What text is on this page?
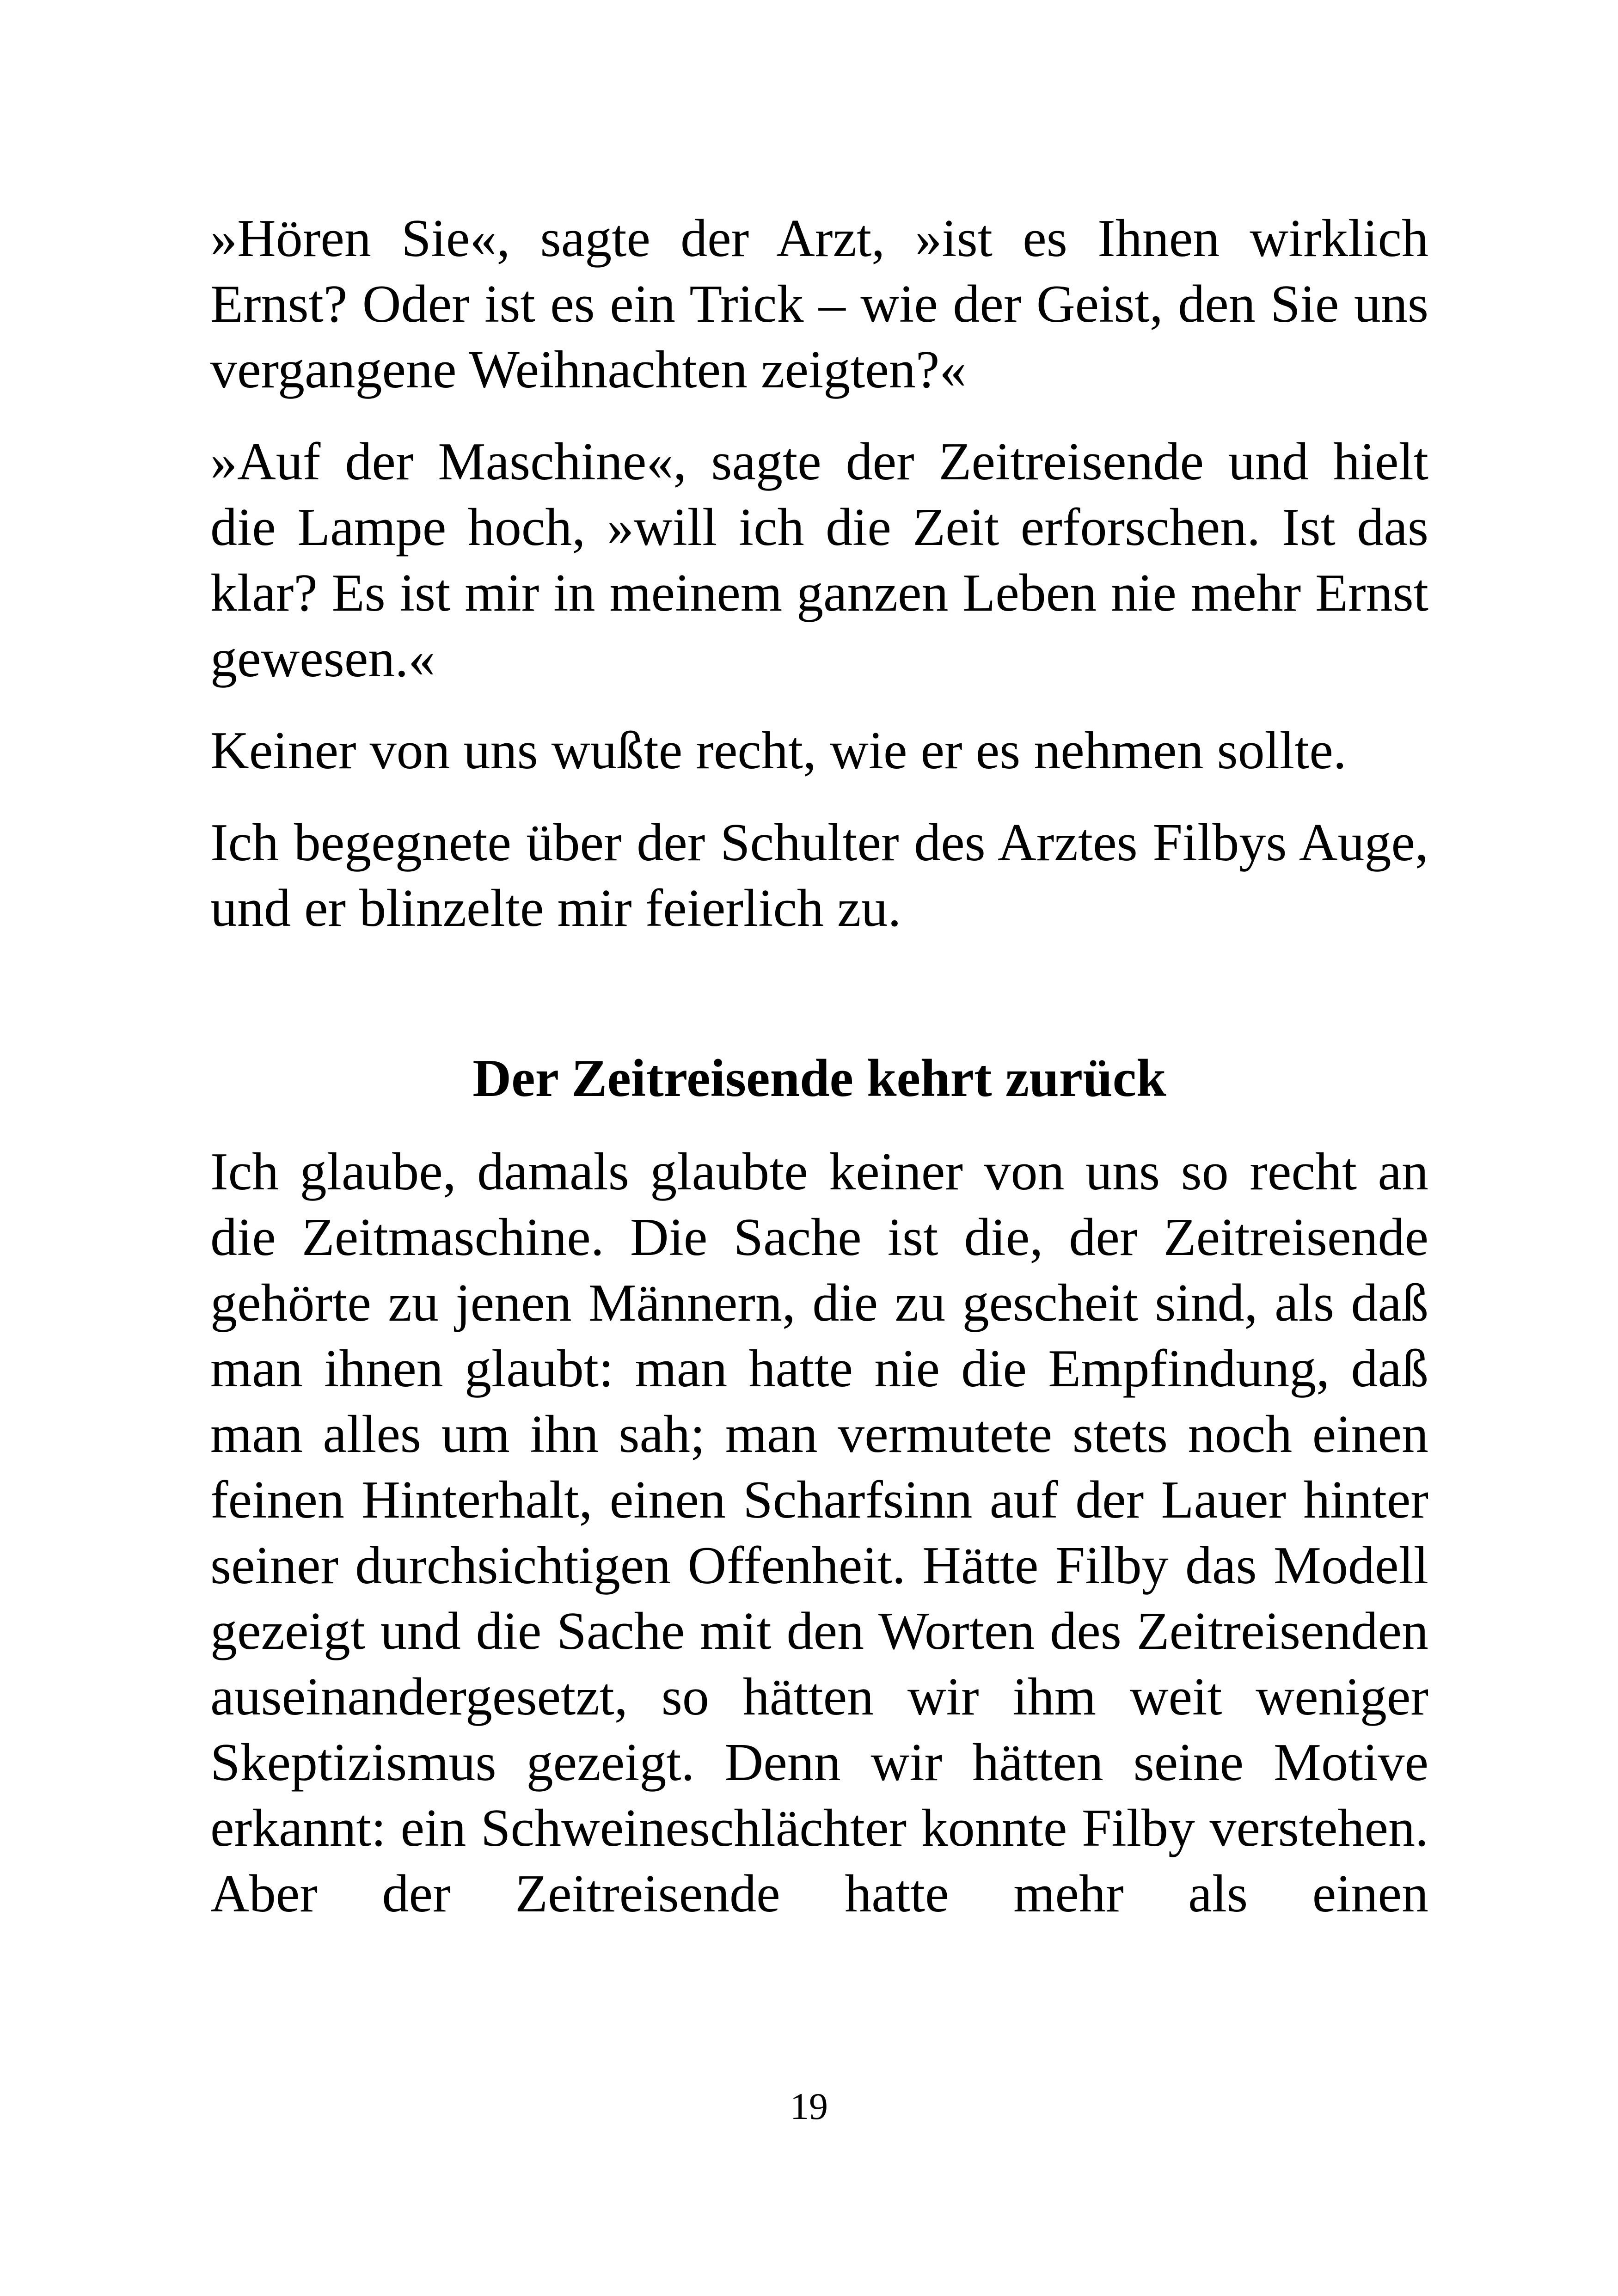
»Hören Sie«, sagte der Arzt, »ist es Ihnen wirklich Ernst? Oder ist es ein Trick – wie der Geist, den Sie uns vergangene Weihnachten zeigten?«

»Auf der Maschine«, sagte der Zeitreisende und hielt die Lampe hoch, »will ich die Zeit erforschen. Ist das klar? Es ist mir in meinem ganzen Leben nie mehr Ernst gewesen.«

Keiner von uns wußte recht, wie er es nehmen sollte.

Ich begegnete über der Schulter des Arztes Filbys Auge, und er blinzelte mir feierlich zu.

Der Zeitreisende kehrt zurück

Ich glaube, damals glaubte keiner von uns so recht an die Zeitmaschine. Die Sache ist die, der Zeitreisende gehörte zu jenen Männern, die zu gescheit sind, als daß man ihnen glaubt: man hatte nie die Empfindung, daß man alles um ihn sah; man vermutete stets noch einen feinen Hinterhalt, einen Scharfsinn auf der Lauer hinter seiner durchsichtigen Offenheit. Hätte Filby das Modell gezeigt und die Sache mit den Worten des Zeitreisenden auseinandergesetzt, so hätten wir ihm weit weniger Skeptizismus gezeigt. Denn wir hätten seine Motive erkannt: ein Schweineschlächter konnte Filby verstehen. Aber der Zeitreisende hatte mehr als einen

19
